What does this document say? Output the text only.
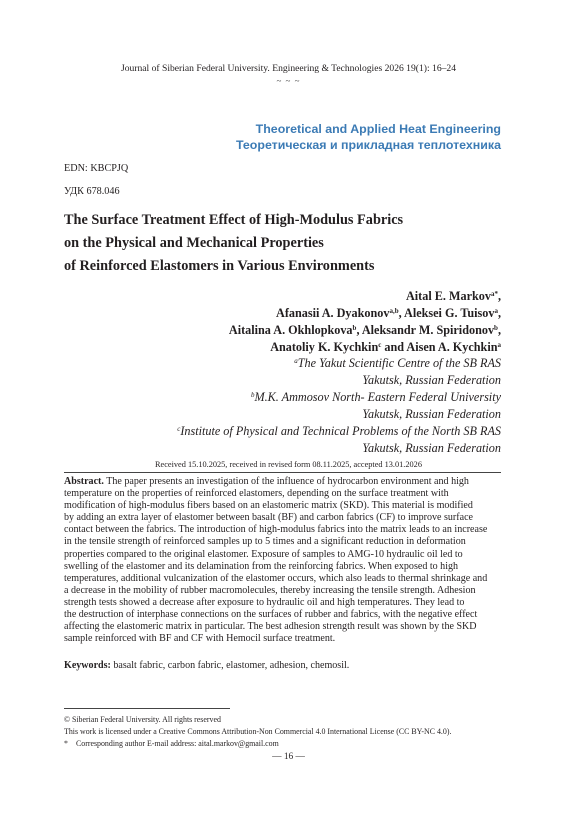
Journal of Siberian Federal University. Engineering & Technologies 2026 19(1): 16–24
~ ~ ~
Theoretical and Applied Heat Engineering
Теоретическая и прикладная теплотехника
EDN: KBCPJQ
УДК 678.046
The Surface Treatment Effect of High-Modulus Fabrics
on the Physical and Mechanical Properties
of Reinforced Elastomers in Various Environments
Aital E. Markov$^{a*}$,
Afanasii A. Dyakonov$^{a,b}$, Aleksei G. Tuisov$^a$,
Aitalina A. Okhlopkova$^b$, Aleksandr M. Spiridonov$^b$,
Anatoliy K. Kychkin$^c$ and Aisen A. Kychkin$^a$
$^a$The Yakut Scientific Centre of the SB RAS
Yakutsk, Russian Federation
$^b$M.K. Ammosov North- Eastern Federal University
Yakutsk, Russian Federation
$^c$Institute of Physical and Technical Problems of the North SB RAS
Yakutsk, Russian Federation
Received 15.10.2025, received in revised form 08.11.2025, accepted 13.01.2026
Abstract. The paper presents an investigation of the influence of hydrocarbon environment and high
temperature on the properties of reinforced elastomers, depending on the surface treatment with
modification of high-modulus fibers based on an elastomeric matrix (SKD). This material is modified
by adding an extra layer of elastomer between basalt (BF) and carbon fabrics (CF) to improve surface
contact between the fabrics. The introduction of high-modulus fabrics into the matrix leads to an increase
in the tensile strength of reinforced samples up to 5 times and a significant reduction in deformation
properties compared to the original elastomer. Exposure of samples to AMG-10 hydraulic oil led to
swelling of the elastomer and its delamination from the reinforcing fabrics. When exposed to high
temperatures, additional vulcanization of the elastomer occurs, which also leads to thermal shrinkage and
a decrease in the mobility of rubber macromolecules, thereby increasing the tensile strength. Adhesion
strength tests showed a decrease after exposure to hydraulic oil and high temperatures. They lead to
the destruction of interphase connections on the surfaces of rubber and fabrics, with the negative effect
affecting the elastomeric matrix in particular. The best adhesion strength result was shown by the SKD
sample reinforced with BF and CF with Hemocil surface treatment.
Keywords: basalt fabric, carbon fabric, elastomer, adhesion, chemosil.
© Siberian Federal University. All rights reserved
This work is licensed under a Creative Commons Attribution-Non Commercial 4.0 International License (CC BY-NC 4.0).
* Corresponding author E-mail address: aital.markov@gmail.com
— 16 —
